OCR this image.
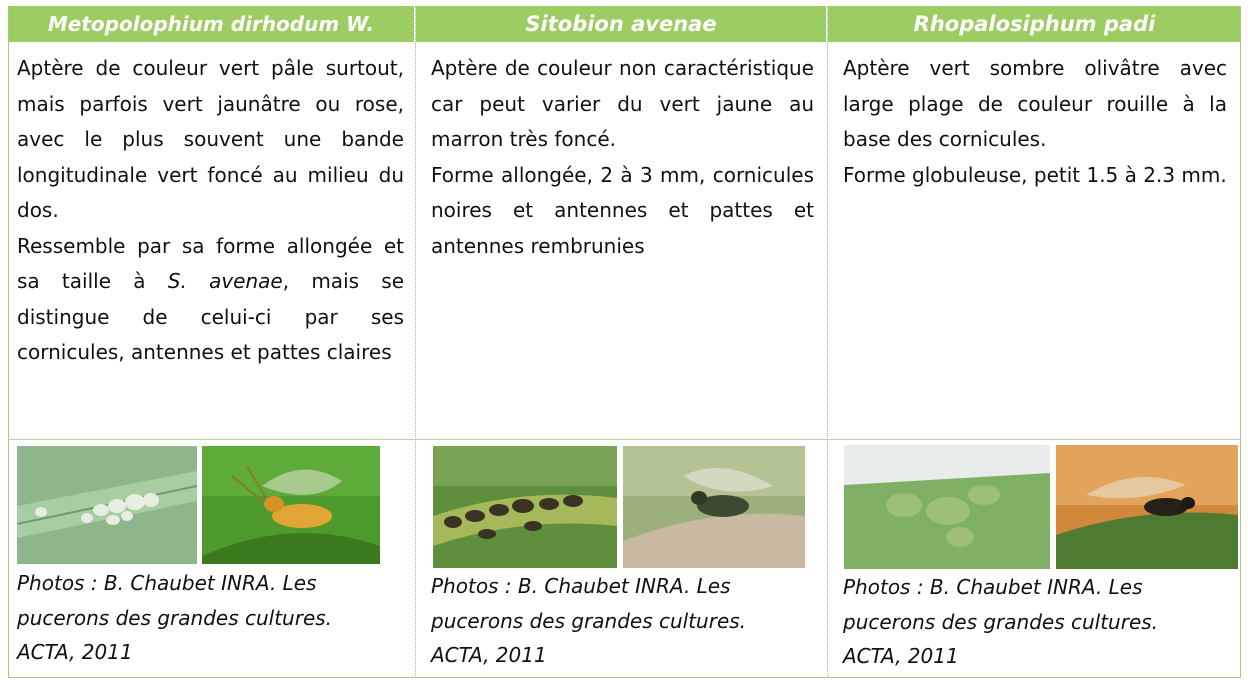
Metopolophium dirhodum W.	Sitobion avenae	Rhopalosiphum padi

Aptère de couleur vert pâle surtout, mais parfois vert jaunâtre ou rose, avec le plus souvent une bande longitudinale vert foncé au milieu du dos.

Ressemble par sa forme allongée et sa taille à S. avenae, mais se distingue de celui-ci par ses cornicules, antennes et pattes claires

Aptère de couleur non caractéristique car peut varier du vert jaune au marron très foncé.

Forme allongée, 2 à 3 mm, cornicules noires et antennes et pattes et antennes rembrunies

Aptère vert sombre olivâtre avec large plage de couleur rouille à la base des cornicules.

Forme globuleuse, petit 1.5 à 2.3 mm.

Photos : B. Chaubet INRA. Les
pucerons des grandes cultures.
ACTA, 2011
Photos : B. Chaubet INRA. Les
pucerons des grandes cultures.
ACTA, 2011
Photos : B. Chaubet INRA. Les
pucerons des grandes cultures.
ACTA, 2011
